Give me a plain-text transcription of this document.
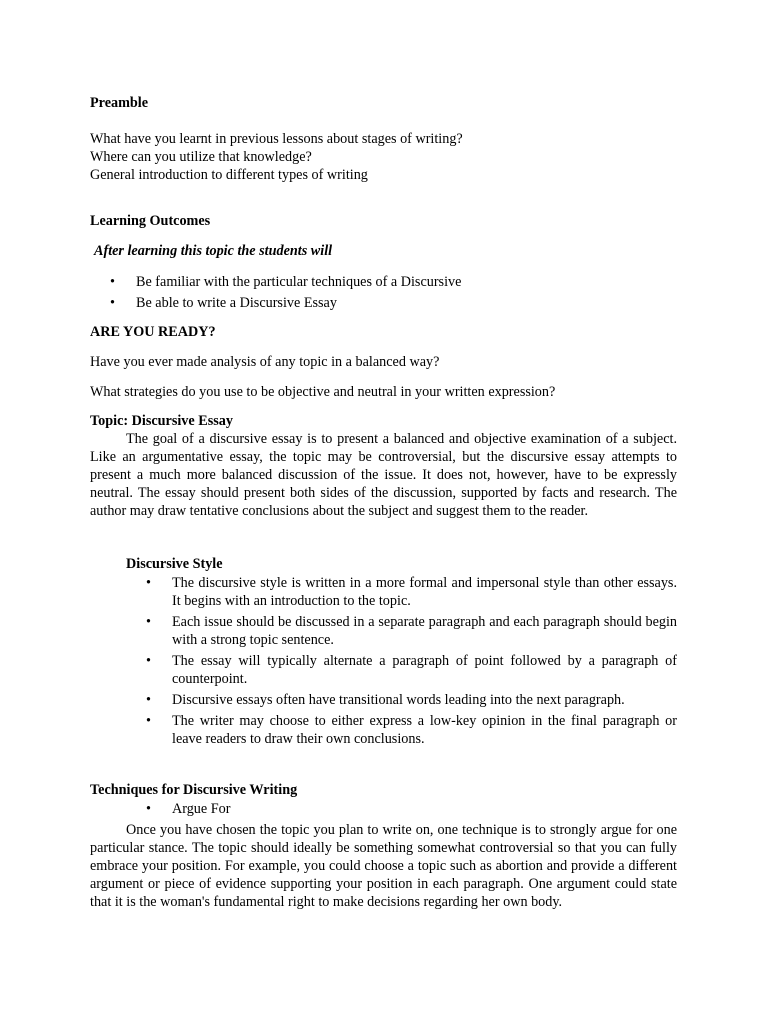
Preamble
What have you learnt in previous lessons about stages of writing?
Where can you utilize that knowledge?
General introduction to different types of writing
Learning Outcomes
After learning this topic the students will
• Be familiar with the particular techniques of a Discursive
• Be able to write a Discursive Essay
ARE YOU READY?
Have you ever made analysis of any topic in a balanced way?
What strategies do you use to be objective and neutral in your written expression?
Topic: Discursive Essay

The goal of a discursive essay is to present a balanced and objective examination of a subject. Like an argumentative essay, the topic may be controversial, but the discursive essay attempts to present a much more balanced discussion of the issue. It does not, however, have to be expressly neutral. The essay should present both sides of the discussion, supported by facts and research. The author may draw tentative conclusions about the subject and suggest them to the reader.

Discursive Style
• The discursive style is written in a more formal and impersonal style than other essays. It begins with an introduction to the topic.
• Each issue should be discussed in a separate paragraph and each paragraph should begin with a strong topic sentence.
• The essay will typically alternate a paragraph of point followed by a paragraph of counterpoint.
• Discursive essays often have transitional words leading into the next paragraph.
• The writer may choose to either express a low-key opinion in the final paragraph or leave readers to draw their own conclusions.
Techniques for Discursive Writing
• Argue For

Once you have chosen the topic you plan to write on, one technique is to strongly argue for one particular stance. The topic should ideally be something somewhat controversial so that you can fully embrace your position. For example, you could choose a topic such as abortion and provide a different argument or piece of evidence supporting your position in each paragraph. One argument could state that it is the woman's fundamental right to make decisions regarding her own body.
